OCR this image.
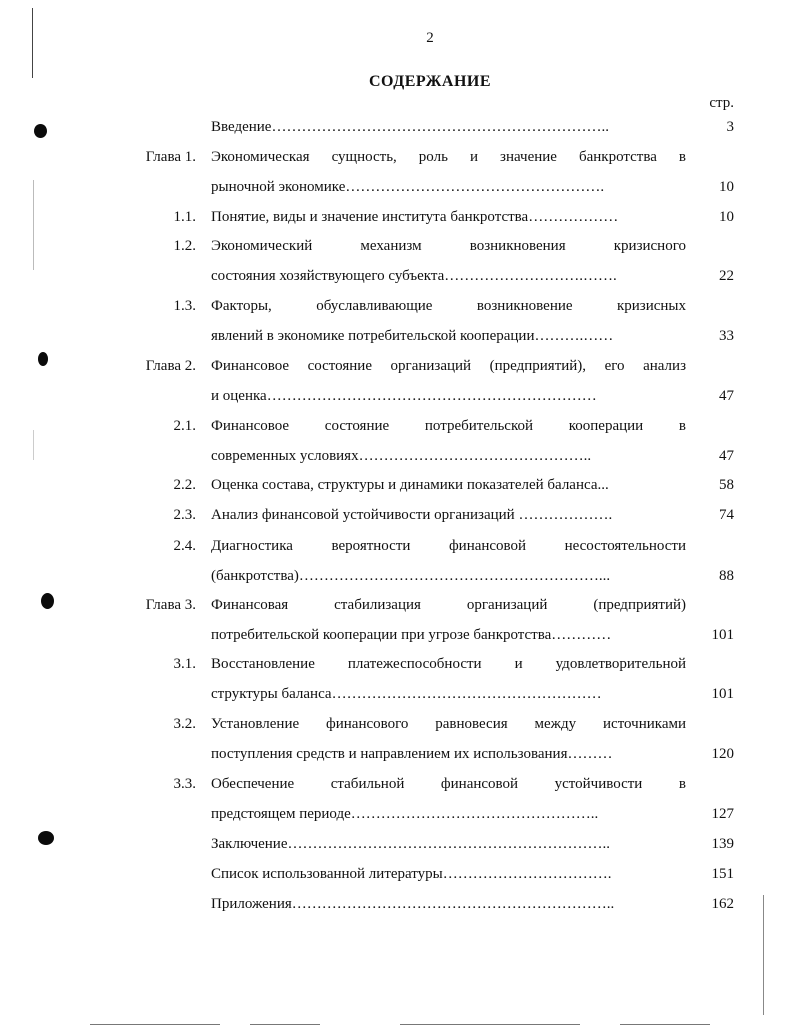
2
СОДЕРЖАНИЕ
стр.
Введение…………………………………………………………..	3
Глава 1. Экономическая сущность, роль и значение банкротства в
рыночной экономике…………………………………………….	10
1.1. Понятие, виды и значение института банкротства………………	10
1.2. Экономический механизм возникновения кризисного
состояния хозяйствующего субъекта……………………….…….	22
1.3. Факторы, обуславливающие возникновение кризисных
явлений в экономике потребительской кооперации……….……	33
Глава 2. Финансовое состояние организаций (предприятий), его анализ
и оценка…………………………………………………………	47
2.1. Финансовое состояние потребительской кооперации в
современных условиях………………………………………..	47
2.2. Оценка состава, структуры и динамики показателей баланса...	58
2.3. Анализ финансовой устойчивости организаций ……………….	74
2.4. Диагностика вероятности финансовой несостоятельности
(банкротства)……………………………………………………...	88
Глава 3. Финансовая стабилизация организаций (предприятий)
потребительской кооперации при угрозе банкротства…………	101
3.1. Восстановление платежеспособности и удовлетворительной
структуры баланса………………………………………………	101
3.2. Установление финансового равновесия между источниками
поступления средств и направлением их использования………	120
3.3. Обеспечение стабильной финансовой устойчивости в
предстоящем периоде…………………………………………..	127
Заключение………………………………………………………..	139
Список использованной литературы…………………………….	151
Приложения………………………………………………………..	162
